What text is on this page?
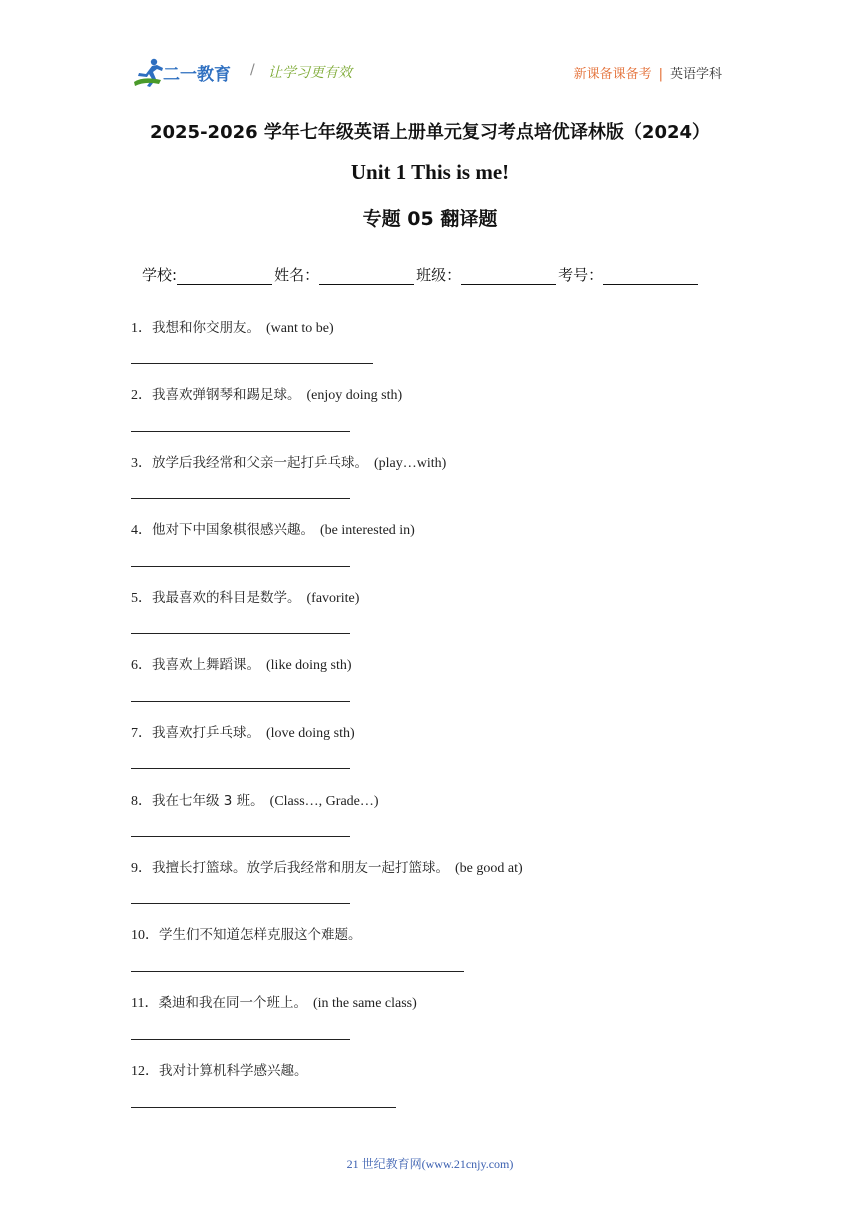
二一教育 / 让学习更有效	新课备课备考 | 英语学科
2025-2026 学年七年级英语上册单元复习考点培优译林版（2024）
Unit 1 This is me!
专题 05 翻译题
学校:	姓名：	班级：	考号：
1．我想和你交朋友。 (want to be)
2．我喜欢弹钢琴和踢足球。 (enjoy doing sth)
3．放学后我经常和父亲一起打乒乓球。 (play…with)
4．他对下中国象棋很感兴趣。 (be interested in)
5．我最喜欢的科目是数学。 (favorite)
6．我喜欢上舞蹈课。 (like doing sth)
7．我喜欢打乒乓球。 (love doing sth)
8．我在七年级 3 班。 (Class…, Grade…)
9．我擅长打篮球。放学后我经常和朋友一起打篮球。 (be good at)
10．学生们不知道怎样克服这个难题。
11．桑迪和我在同一个班上。 (in the same class)
12．我对计算机科学感兴趣。
21 世纪教育网(www.21cnjy.com)
